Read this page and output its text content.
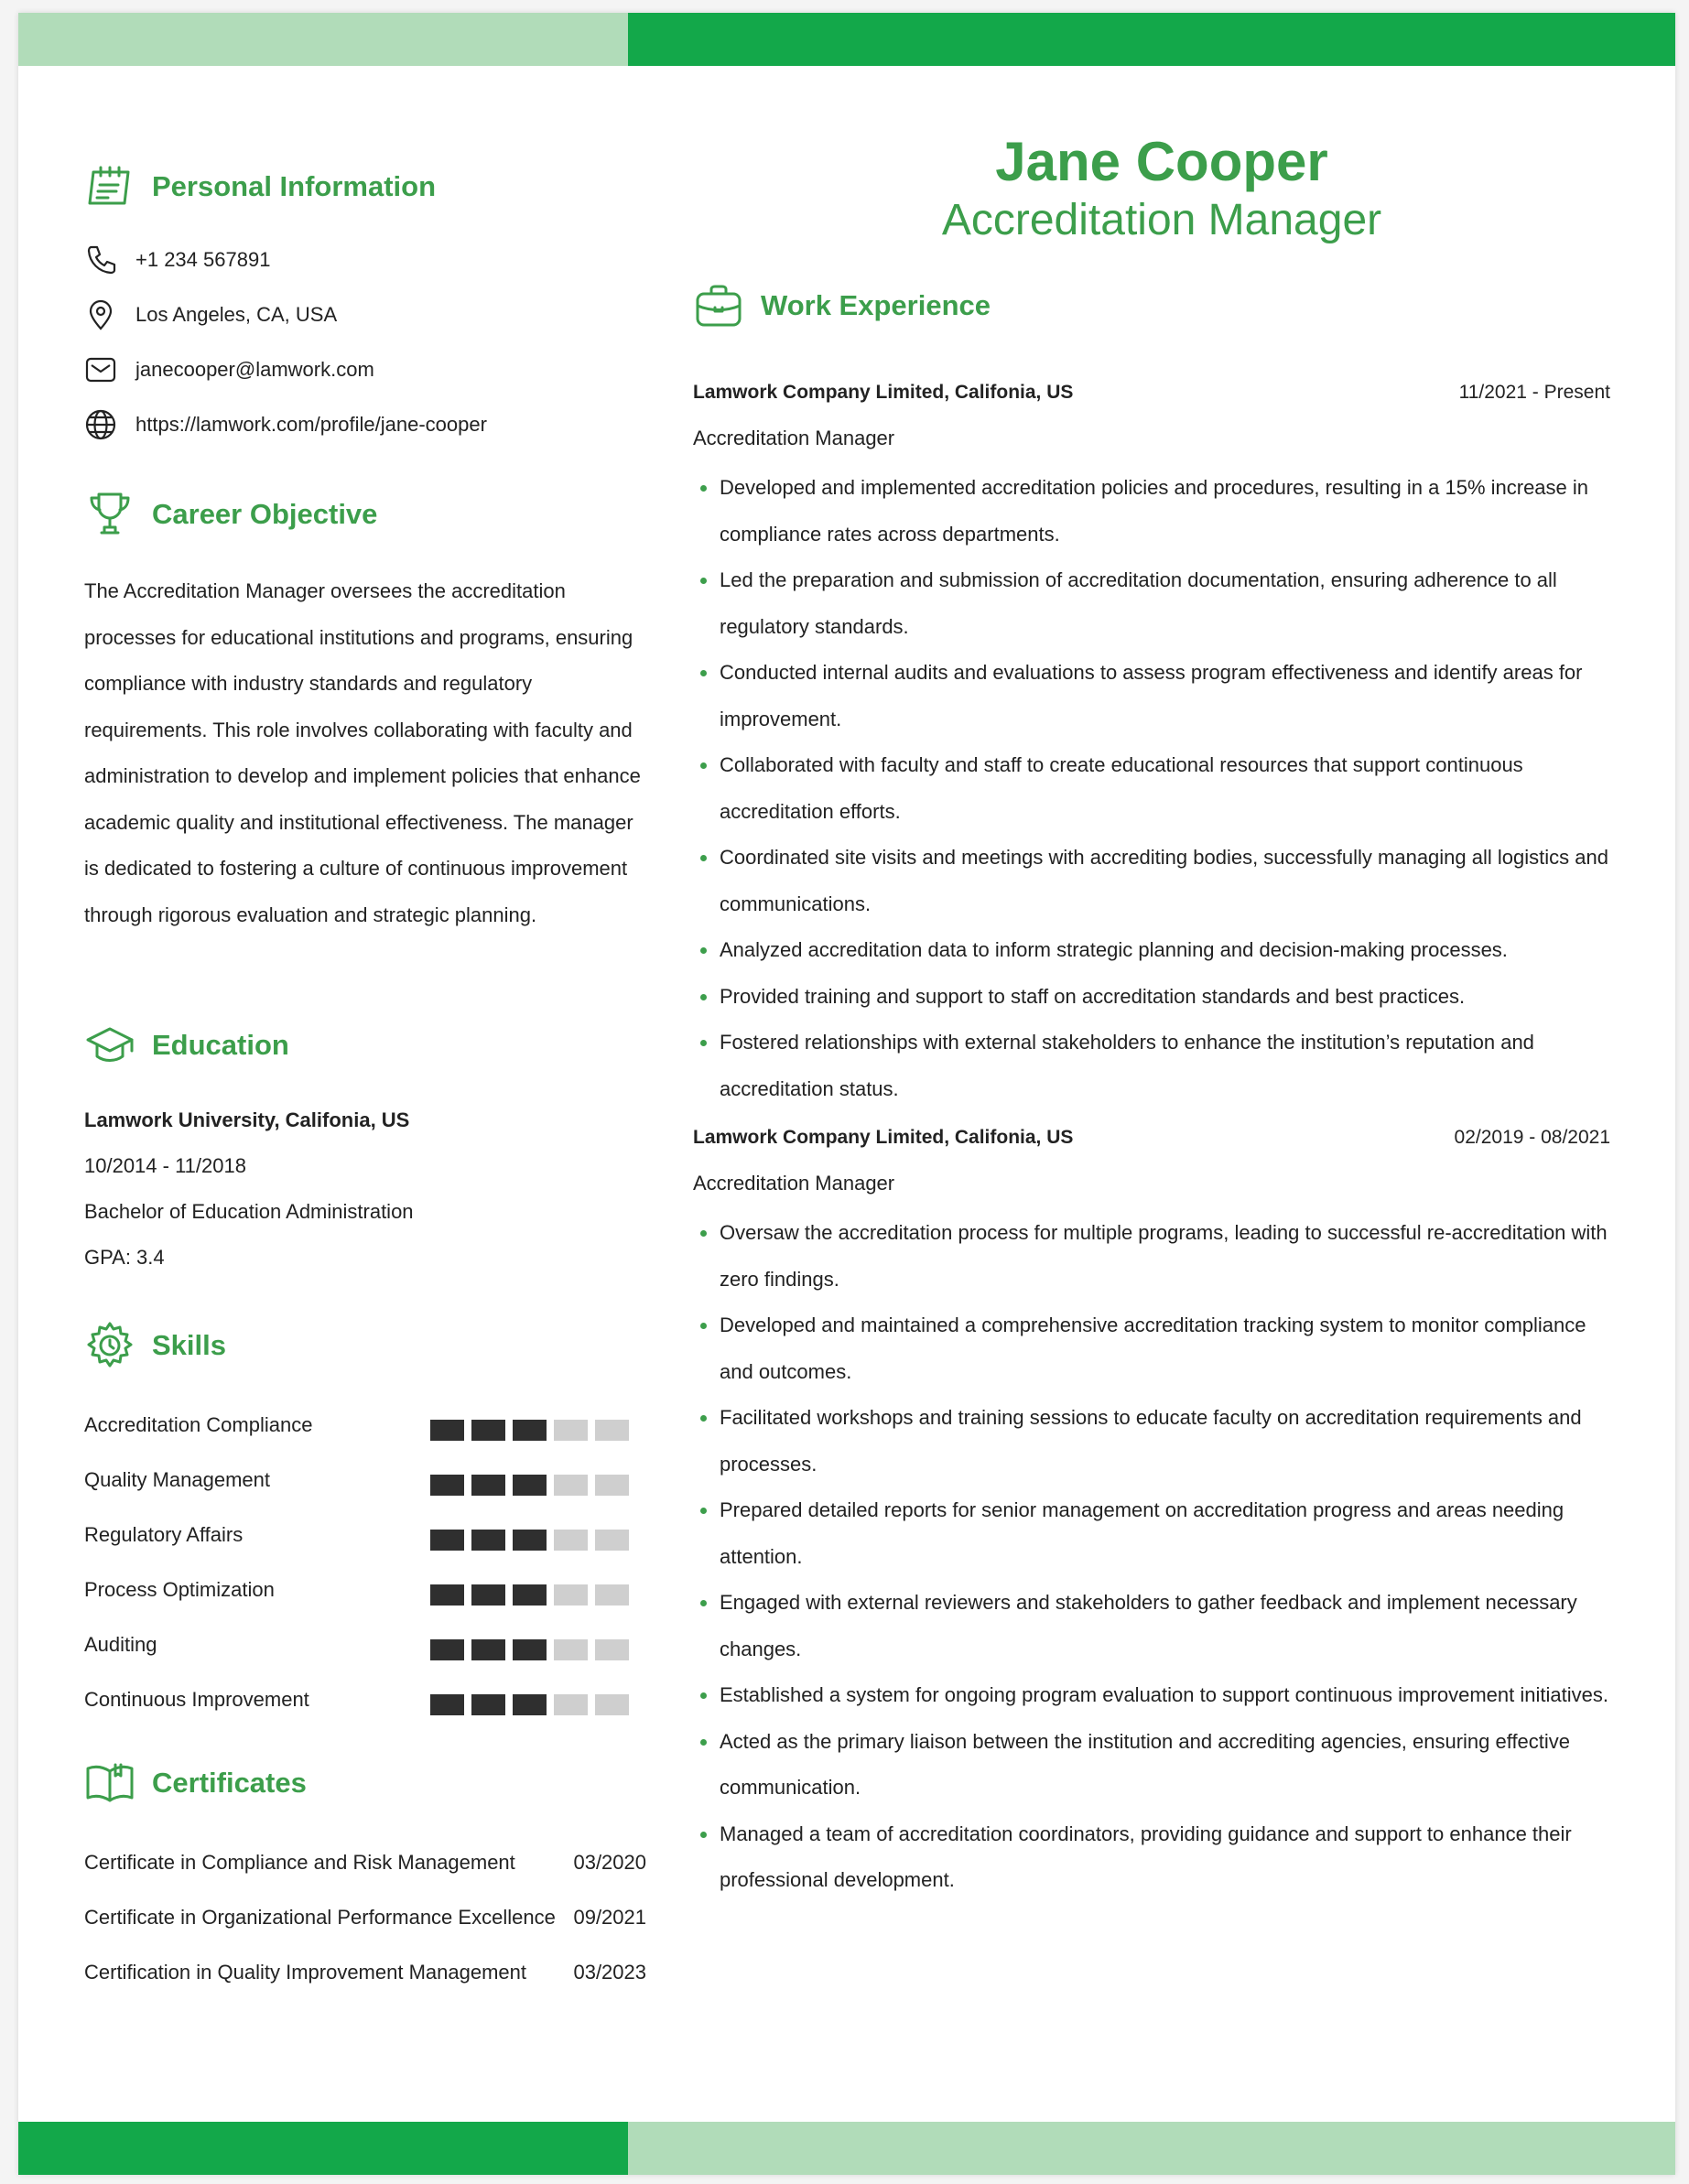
Personal Information
+1 234 567891
Los Angeles, CA, USA
janecooper@lamwork.com
https://lamwork.com/profile/jane-cooper
Career Objective
The Accreditation Manager oversees the accreditation processes for educational institutions and programs, ensuring compliance with industry standards and regulatory requirements. This role involves collaborating with faculty and administration to develop and implement policies that enhance academic quality and institutional effectiveness. The manager is dedicated to fostering a culture of continuous improvement through rigorous evaluation and strategic planning.
Education
Lamwork University, Califonia, US
10/2014 - 11/2018
Bachelor of Education Administration
GPA: 3.4
Skills
Accreditation Compliance
Quality Management
Regulatory Affairs
Process Optimization
Auditing
Continuous Improvement
Certificates
Certificate in Compliance and Risk Management	03/2020
Certificate in Organizational Performance Excellence 09/2021
Certification in Quality Improvement Management 03/2023
Jane Cooper
Accreditation Manager
Work Experience
Lamwork Company Limited, Califonia, US	11/2021 - Present
Accreditation Manager
Developed and implemented accreditation policies and procedures, resulting in a 15% increase in compliance rates across departments.
Led the preparation and submission of accreditation documentation, ensuring adherence to all regulatory standards.
Conducted internal audits and evaluations to assess program effectiveness and identify areas for improvement.
Collaborated with faculty and staff to create educational resources that support continuous accreditation efforts.
Coordinated site visits and meetings with accrediting bodies, successfully managing all logistics and communications.
Analyzed accreditation data to inform strategic planning and decision-making processes.
Provided training and support to staff on accreditation standards and best practices.
Fostered relationships with external stakeholders to enhance the institution’s reputation and accreditation status.
Lamwork Company Limited, Califonia, US	02/2019 - 08/2021
Accreditation Manager
Oversaw the accreditation process for multiple programs, leading to successful re-accreditation with zero findings.
Developed and maintained a comprehensive accreditation tracking system to monitor compliance and outcomes.
Facilitated workshops and training sessions to educate faculty on accreditation requirements and processes.
Prepared detailed reports for senior management on accreditation progress and areas needing attention.
Engaged with external reviewers and stakeholders to gather feedback and implement necessary changes.
Established a system for ongoing program evaluation to support continuous improvement initiatives.
Acted as the primary liaison between the institution and accrediting agencies, ensuring effective communication.
Managed a team of accreditation coordinators, providing guidance and support to enhance their professional development.
